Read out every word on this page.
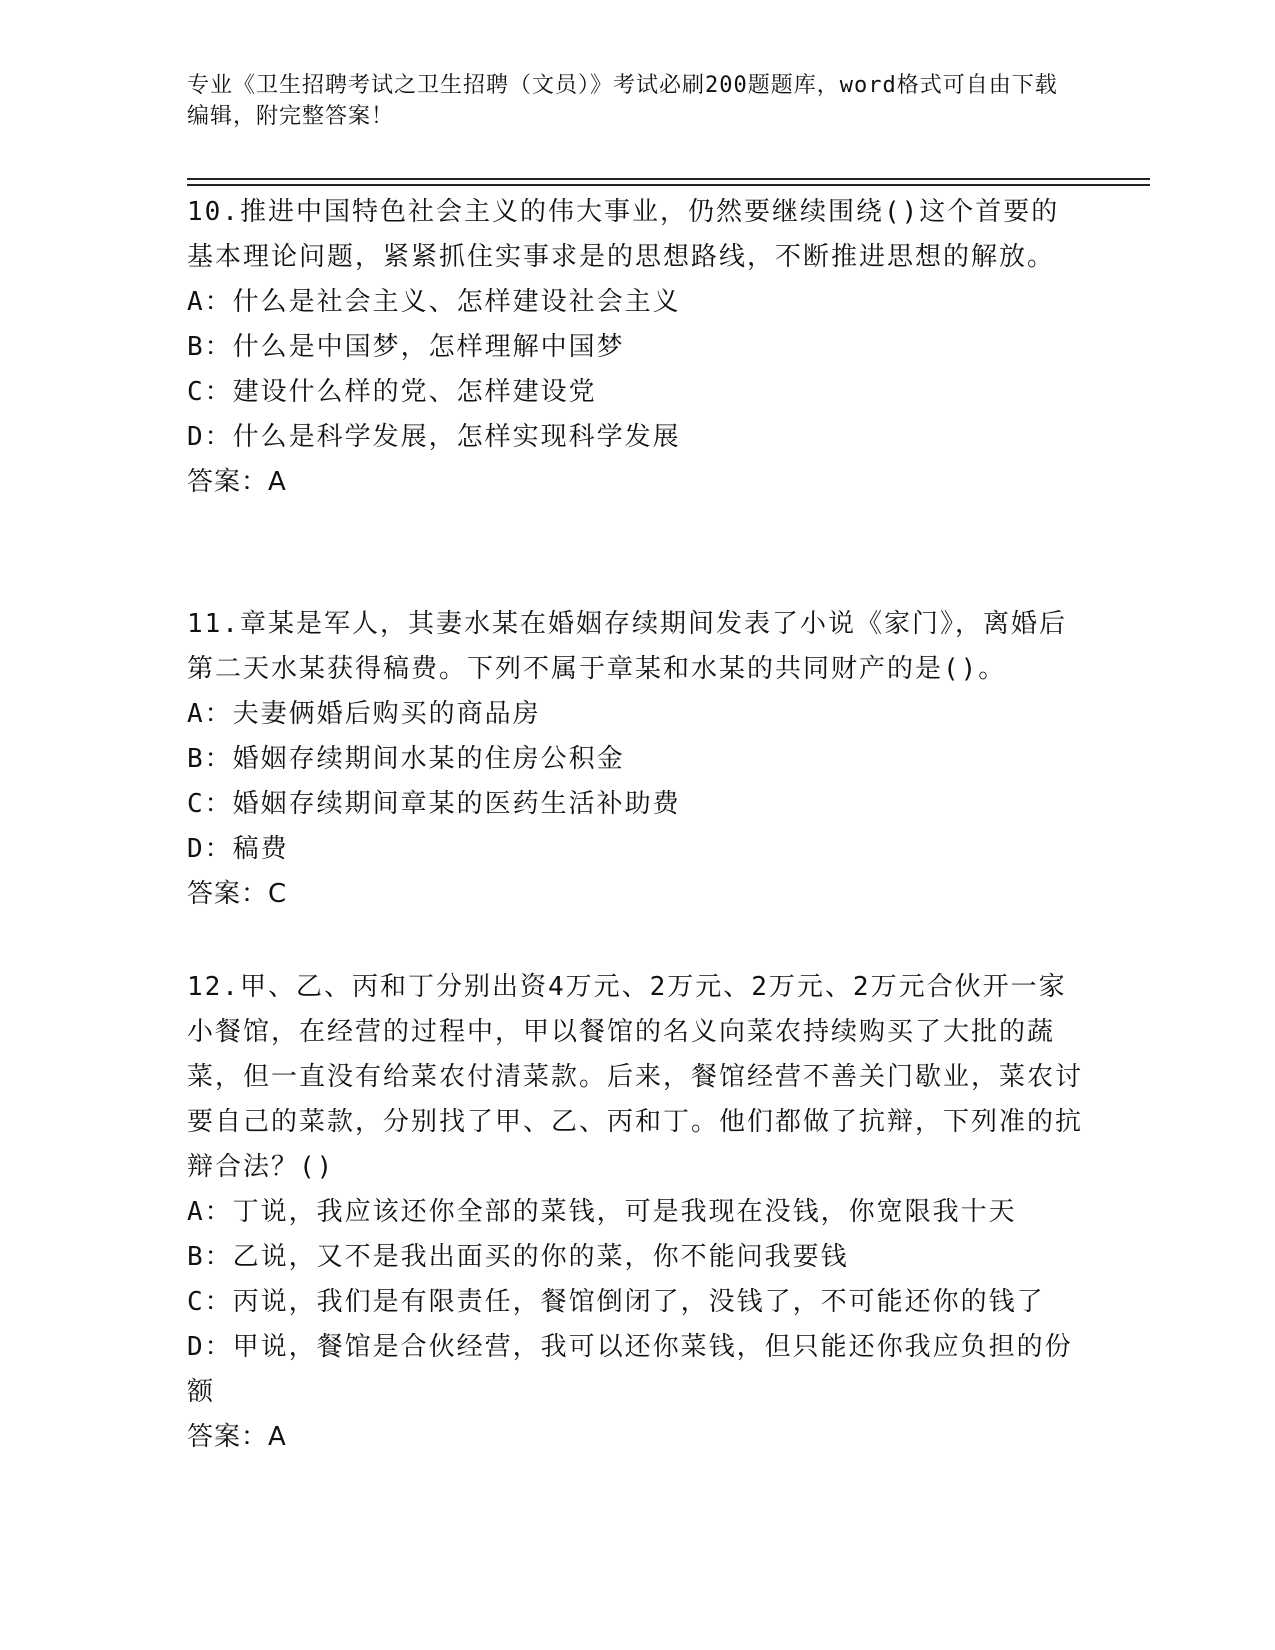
专业《卫生招聘考试之卫生招聘（文员）》考试必刷200题题库，word格式可自由下载编辑，附完整答案！
10.推进中国特色社会主义的伟大事业，仍然要继续围绕()这个首要的基本理论问题，紧紧抓住实事求是的思想路线，不断推进思想的解放。
A：什么是社会主义、怎样建设社会主义
B：什么是中国梦，怎样理解中国梦
C：建设什么样的党、怎样建设党
D：什么是科学发展，怎样实现科学发展
答案：A
11.章某是军人，其妻水某在婚姻存续期间发表了小说《家门》，离婚后第二天水某获得稿费。下列不属于章某和水某的共同财产的是()。
A：夫妻俩婚后购买的商品房
B：婚姻存续期间水某的住房公积金
C：婚姻存续期间章某的医药生活补助费
D：稿费
答案：C
12.甲、乙、丙和丁分别出资4万元、2万元、2万元、2万元合伙开一家小餐馆，在经营的过程中，甲以餐馆的名义向菜农持续购买了大批的蔬菜，但一直没有给菜农付清菜款。后来，餐馆经营不善关门歇业，菜农讨要自己的菜款，分别找了甲、乙、丙和丁。他们都做了抗辩，下列准的抗辩合法？()
A：丁说，我应该还你全部的菜钱，可是我现在没钱，你宽限我十天
B：乙说，又不是我出面买的你的菜，你不能问我要钱
C：丙说，我们是有限责任，餐馆倒闭了，没钱了，不可能还你的钱了
D：甲说，餐馆是合伙经营，我可以还你菜钱，但只能还你我应负担的份额
答案：A
